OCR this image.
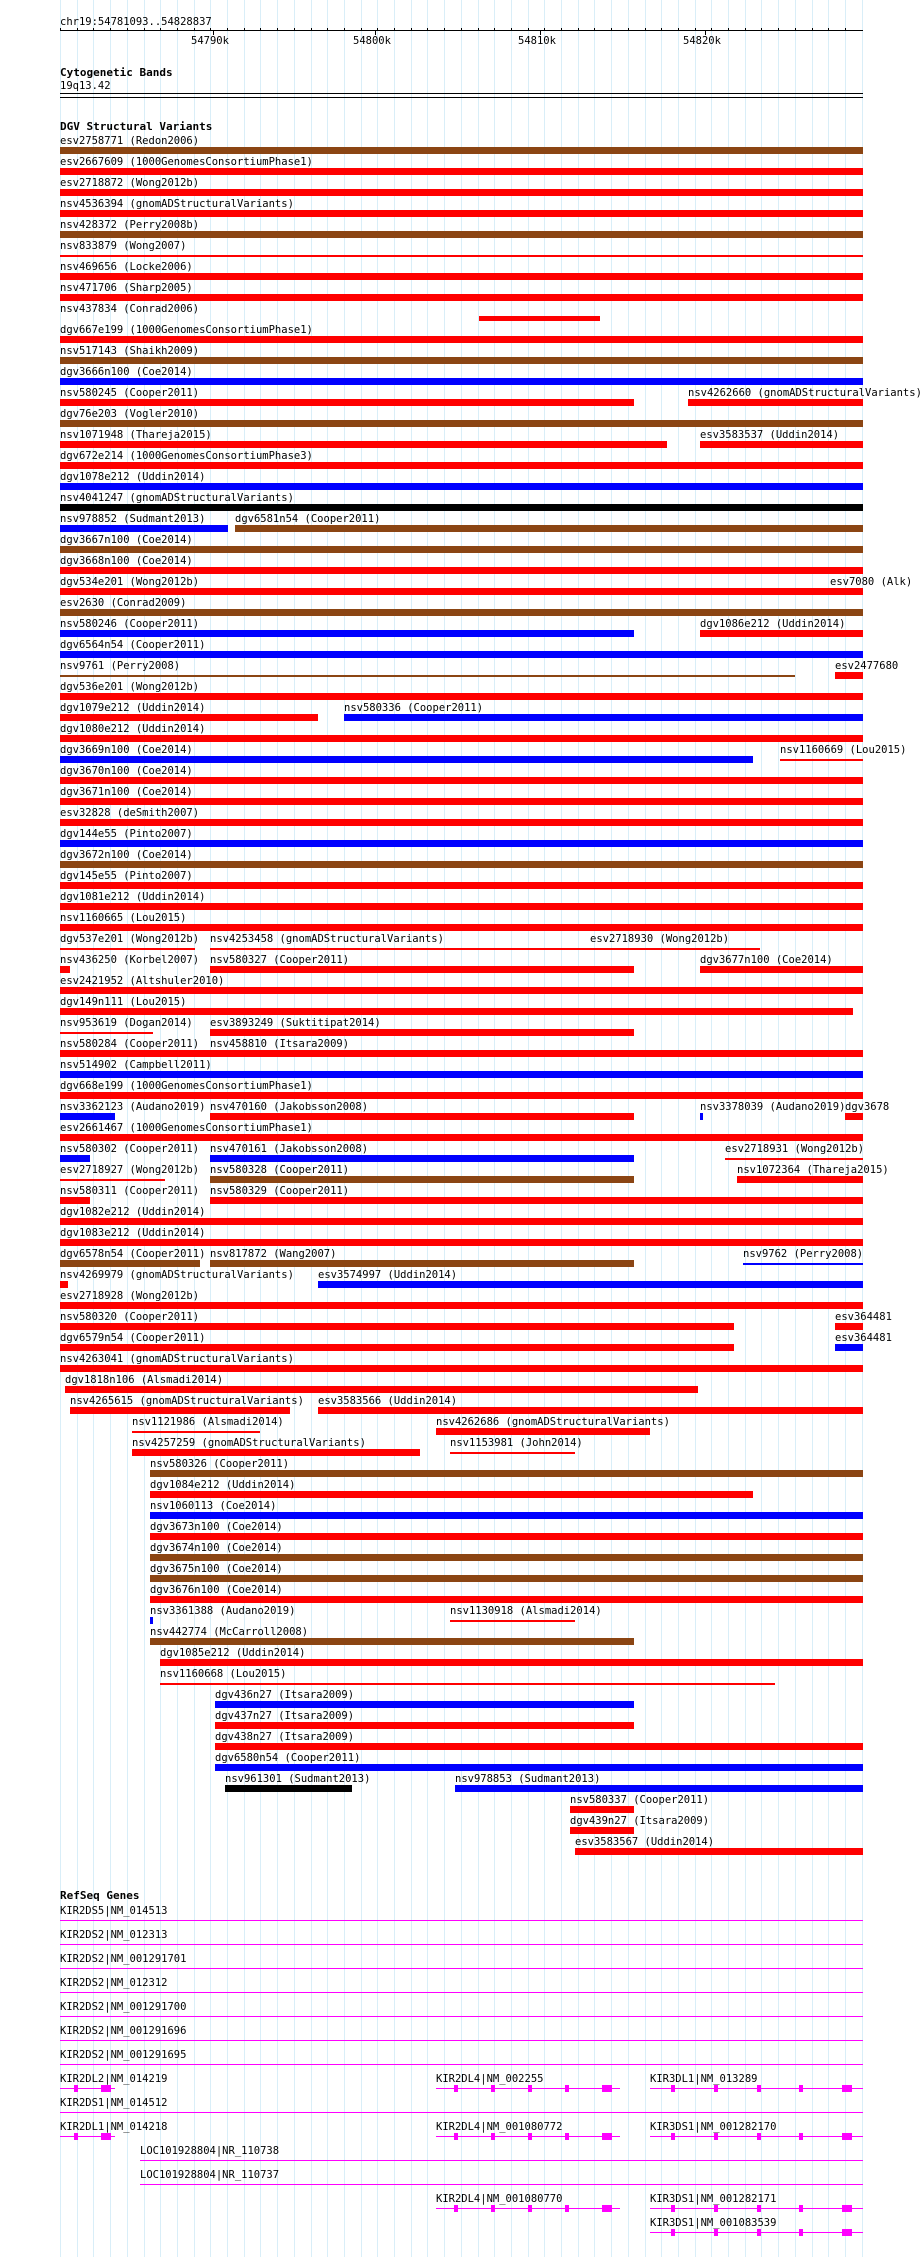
chr19:54781093..54828837
54790k	54800k	54810k	54820k
Cytogenetic Bands
19q13.42
DGV Structural Variants
esv2758771 (Redon2006)
esv2667609 (1000GenomesConsortiumPhase1)
esv2718872 (Wong2012b)
nsv4536394 (gnomADStructuralVariants)
nsv428372 (Perry2008b)
nsv833879 (Wong2007)
nsv469656 (Locke2006)
nsv471706 (Sharp2005)
nsv437834 (Conrad2006)
dgv667e199 (1000GenomesConsortiumPhase1)
nsv517143 (Shaikh2009)
dgv3666n100 (Coe2014)
nsv580245 (Cooper2011)	nsv4262660 (gnomADStructuralVariants)
dgv76e203 (Vogler2010)
nsv1071948 (Thareja2015)	esv3583537 (Uddin2014)
dgv672e214 (1000GenomesConsortiumPhase3)
dgv1078e212 (Uddin2014)
nsv4041247 (gnomADStructuralVariants)
nsv978852 (Sudmant2013)	dgv6581n54 (Cooper2011)
dgv3667n100 (Coe2014)
dgv3668n100 (Coe2014)
dgv534e201 (Wong2012b)	esv7080 (Alk)
esv2630 (Conrad2009)
nsv580246 (Cooper2011)	dgv1086e212 (Uddin2014)
dgv6564n54 (Cooper2011)
nsv9761 (Perry2008)	esv2477680
dgv536e201 (Wong2012b)
dgv1079e212 (Uddin2014)	nsv580336 (Cooper2011)
dgv1080e212 (Uddin2014)
dgv3669n100 (Coe2014)	nsv1160669 (Lou2015)
dgv3670n100 (Coe2014)
dgv3671n100 (Coe2014)
esv32828 (deSmith2007)
dgv144e55 (Pinto2007)
dgv3672n100 (Coe2014)
dgv145e55 (Pinto2007)
dgv1081e212 (Uddin2014)
nsv1160665 (Lou2015)
dgv537e201 (Wong2012b) nsv4253458 (gnomADStructuralVariants)	esv2718930 (Wong2012b)
nsv436250 (Korbel2007) nsv580327 (Cooper2011)	dgv3677n100 (Coe2014)
esv2421952 (Altshuler2010)
dgv149n111 (Lou2015)
nsv953619 (Dogan2014) esv3893249 (Suktitipat2014)
nsv580284 (Cooper2011) nsv458810 (Itsara2009)
nsv514902 (Campbell2011)
dgv668e199 (1000GenomesConsortiumPhase1)
nsv3362123 (Audano2019) nsv470160 (Jakobsson2008)	nsv3378039 (Audano2019) dgv3678
esv2661467 (1000GenomesConsortiumPhase1)
nsv580302 (Cooper2011) nsv470161 (Jakobsson2008)	esv2718931 (Wong2012b)
esv2718927 (Wong2012b) nsv580328 (Cooper2011)	nsv1072364 (Thareja2015)
nsv580311 (Cooper2011) nsv580329 (Cooper2011)
dgv1082e212 (Uddin2014)
dgv1083e212 (Uddin2014)
dgv6578n54 (Cooper2011) nsv817872 (Wang2007)	nsv9762 (Perry2008)
nsv4269979 (gnomADStructuralVariants) esv3574997 (Uddin2014)
esv2718928 (Wong2012b)
nsv580320 (Cooper2011)	esv364481
dgv6579n54 (Cooper2011)	esv364481
nsv4263041 (gnomADStructuralVariants)
dgv1818n106 (Alsmadi2014)
nsv4265615 (gnomADStructuralVariants) esv3583566 (Uddin2014)
nsv1121986 (Alsmadi2014)	nsv4262686 (gnomADStructuralVariants)
nsv4257259 (gnomADStructuralVariants)	nsv1153981 (John2014)
nsv580326 (Cooper2011)
dgv1084e212 (Uddin2014)
nsv1060113 (Coe2014)
dgv3673n100 (Coe2014)
dgv3674n100 (Coe2014)
dgv3675n100 (Coe2014)
dgv3676n100 (Coe2014)
nsv3361388 (Audano2019)	nsv1130918 (Alsmadi2014)
nsv442774 (McCarroll2008)
dgv1085e212 (Uddin2014)
nsv1160668 (Lou2015)
dgv436n27 (Itsara2009)
dgv437n27 (Itsara2009)
dgv438n27 (Itsara2009)
dgv6580n54 (Cooper2011)
nsv961301 (Sudmant2013)	nsv978853 (Sudmant2013)
nsv580337 (Cooper2011)
dgv439n27 (Itsara2009)
esv3583567 (Uddin2014)
RefSeq Genes
KIR2DS5|NM_014513
KIR2DS2|NM_012313
KIR2DS2|NM_001291701
KIR2DS2|NM_012312
KIR2DS2|NM_001291700
KIR2DS2|NM_001291696
KIR2DS2|NM_001291695
KIR2DL2|NM_014219	KIR2DL4|NM_002255	KIR3DL1|NM_013289
KIR2DS1|NM_014512
KIR2DL1|NM_014218	KIR2DL4|NM_001080772	KIR3DS1|NM_001282170
LOC101928804|NR_110738
LOC101928804|NR_110737
KIR2DL4|NM_001080770	KIR3DS1|NM_001282171
KIR3DS1|NM_001083539
